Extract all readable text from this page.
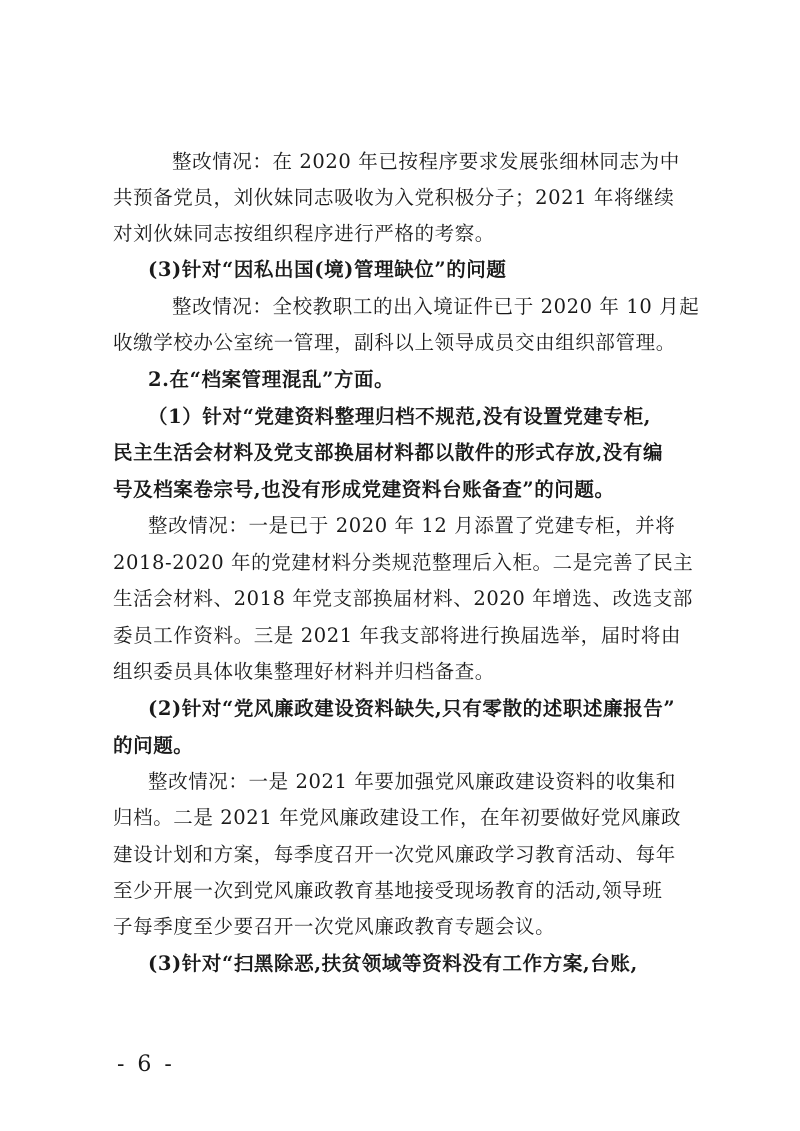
整改情况：在 2020 年已按程序要求发展张细林同志为中
共预备党员，刘伙妹同志吸收为入党积极分子；2021 年将继续
对刘伙妹同志按组织程序进行严格的考察。
(3)针对“因私出国(境)管理缺位”的问题
整改情况：全校教职工的出入境证件已于 2020 年 10 月起
收缴学校办公室统一管理，副科以上领导成员交由组织部管理。
2.在“档案管理混乱”方面。
（1）针对“党建资料整理归档不规范,没有设置党建专柜,
民主生活会材料及党支部换届材料都以散件的形式存放,没有编
号及档案卷宗号,也没有形成党建资料台账备查”的问题。
整改情况：一是已于 2020 年 12 月添置了党建专柜，并将
2018-2020 年的党建材料分类规范整理后入柜。二是完善了民主
生活会材料、2018 年党支部换届材料、2020 年增选、改选支部
委员工作资料。三是 2021 年我支部将进行换届选举，届时将由
组织委员具体收集整理好材料并归档备查。
(2)针对“党风廉政建设资料缺失,只有零散的述职述廉报告”
的问题。
整改情况：一是 2021 年要加强党风廉政建设资料的收集和
归档。二是 2021 年党风廉政建设工作，在年初要做好党风廉政
建设计划和方案，每季度召开一次党风廉政学习教育活动、每年
至少开展一次到党风廉政教育基地接受现场教育的活动,领导班
子每季度至少要召开一次党风廉政教育专题会议。
(3)针对“扫黑除恶,扶贫领域等资料没有工作方案,台账,
- 6 -
